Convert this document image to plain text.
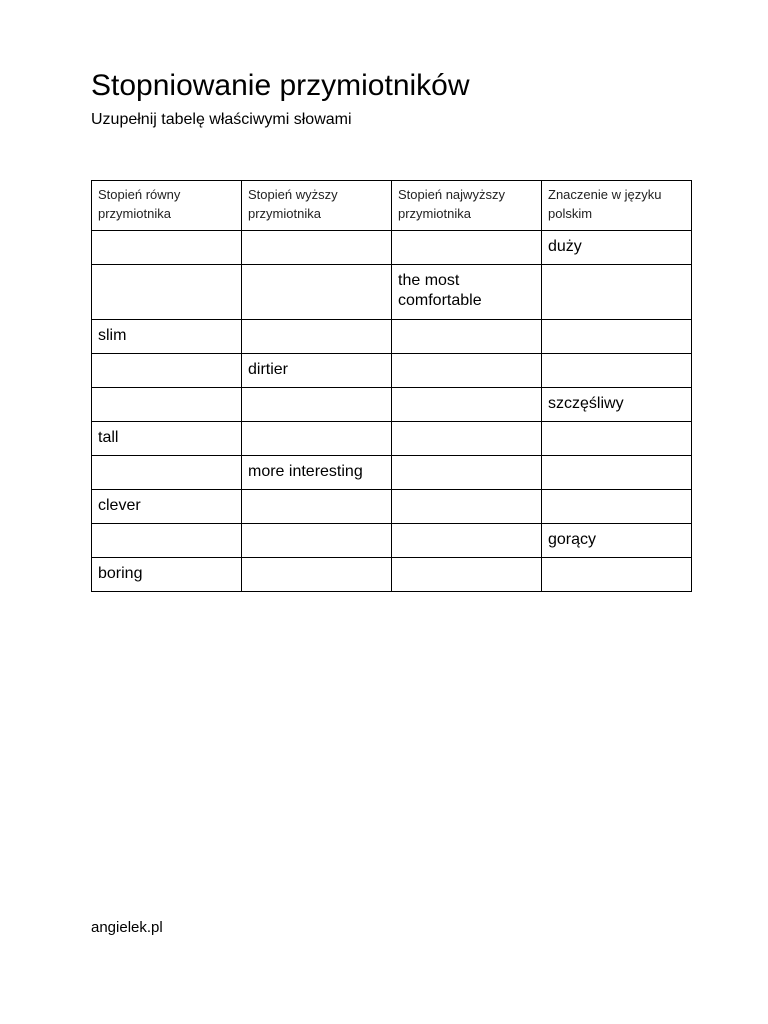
Stopniowanie przymiotników

Uzupełnij tabelę właściwymi słowami

Stopień równy przymiotnika	Stopień wyższy przymiotnika	Stopień najwyższy przymiotnika	Znaczenie w języku polskim
			duży
		the most comfortable	
slim			
	dirtier		
			szczęśliwy
tall			
	more interesting		
clever			
			gorący
boring			

angielek.pl
